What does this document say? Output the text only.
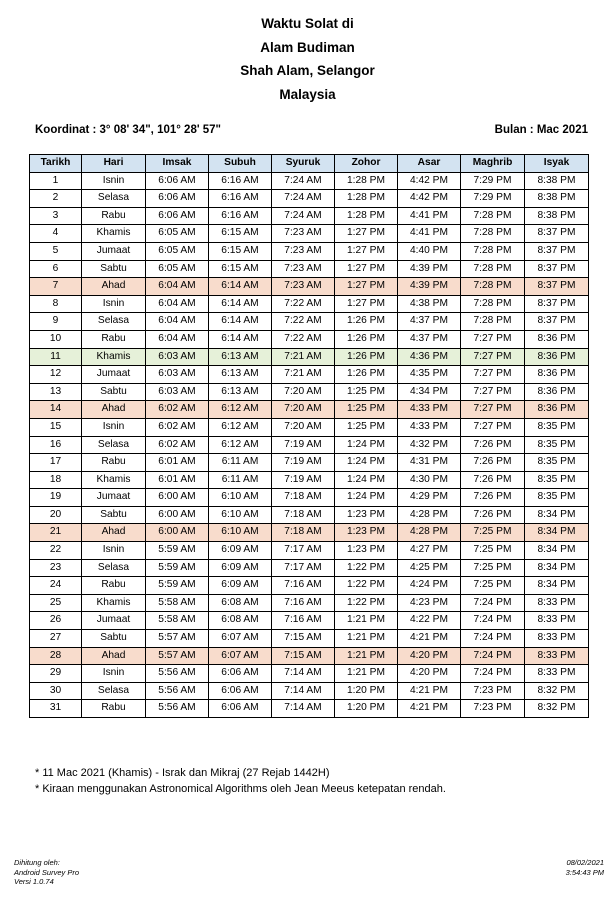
Waktu Solat di
Alam Budiman
Shah Alam, Selangor
Malaysia
Koordinat : 3° 08' 34", 101° 28' 57"	Bulan : Mac 2021
Tarikh	Hari	Imsak	Subuh	Syuruk	Zohor	Asar	Maghrib	Isyak
1	Isnin	6:06 AM	6:16 AM	7:24 AM	1:28 PM	4:42 PM	7:29 PM	8:38 PM
2	Selasa	6:06 AM	6:16 AM	7:24 AM	1:28 PM	4:42 PM	7:29 PM	8:38 PM
3	Rabu	6:06 AM	6:16 AM	7:24 AM	1:28 PM	4:41 PM	7:28 PM	8:38 PM
4	Khamis	6:05 AM	6:15 AM	7:23 AM	1:27 PM	4:41 PM	7:28 PM	8:37 PM
5	Jumaat	6:05 AM	6:15 AM	7:23 AM	1:27 PM	4:40 PM	7:28 PM	8:37 PM
6	Sabtu	6:05 AM	6:15 AM	7:23 AM	1:27 PM	4:39 PM	7:28 PM	8:37 PM
7	Ahad	6:04 AM	6:14 AM	7:23 AM	1:27 PM	4:39 PM	7:28 PM	8:37 PM
8	Isnin	6:04 AM	6:14 AM	7:22 AM	1:27 PM	4:38 PM	7:28 PM	8:37 PM
9	Selasa	6:04 AM	6:14 AM	7:22 AM	1:26 PM	4:37 PM	7:28 PM	8:37 PM
10	Rabu	6:04 AM	6:14 AM	7:22 AM	1:26 PM	4:37 PM	7:27 PM	8:36 PM
11	Khamis	6:03 AM	6:13 AM	7:21 AM	1:26 PM	4:36 PM	7:27 PM	8:36 PM
12	Jumaat	6:03 AM	6:13 AM	7:21 AM	1:26 PM	4:35 PM	7:27 PM	8:36 PM
13	Sabtu	6:03 AM	6:13 AM	7:20 AM	1:25 PM	4:34 PM	7:27 PM	8:36 PM
14	Ahad	6:02 AM	6:12 AM	7:20 AM	1:25 PM	4:33 PM	7:27 PM	8:36 PM
15	Isnin	6:02 AM	6:12 AM	7:20 AM	1:25 PM	4:33 PM	7:27 PM	8:35 PM
16	Selasa	6:02 AM	6:12 AM	7:19 AM	1:24 PM	4:32 PM	7:26 PM	8:35 PM
17	Rabu	6:01 AM	6:11 AM	7:19 AM	1:24 PM	4:31 PM	7:26 PM	8:35 PM
18	Khamis	6:01 AM	6:11 AM	7:19 AM	1:24 PM	4:30 PM	7:26 PM	8:35 PM
19	Jumaat	6:00 AM	6:10 AM	7:18 AM	1:24 PM	4:29 PM	7:26 PM	8:35 PM
20	Sabtu	6:00 AM	6:10 AM	7:18 AM	1:23 PM	4:28 PM	7:26 PM	8:34 PM
21	Ahad	6:00 AM	6:10 AM	7:18 AM	1:23 PM	4:28 PM	7:25 PM	8:34 PM
22	Isnin	5:59 AM	6:09 AM	7:17 AM	1:23 PM	4:27 PM	7:25 PM	8:34 PM
23	Selasa	5:59 AM	6:09 AM	7:17 AM	1:22 PM	4:25 PM	7:25 PM	8:34 PM
24	Rabu	5:59 AM	6:09 AM	7:16 AM	1:22 PM	4:24 PM	7:25 PM	8:34 PM
25	Khamis	5:58 AM	6:08 AM	7:16 AM	1:22 PM	4:23 PM	7:24 PM	8:33 PM
26	Jumaat	5:58 AM	6:08 AM	7:16 AM	1:21 PM	4:22 PM	7:24 PM	8:33 PM
27	Sabtu	5:57 AM	6:07 AM	7:15 AM	1:21 PM	4:21 PM	7:24 PM	8:33 PM
28	Ahad	5:57 AM	6:07 AM	7:15 AM	1:21 PM	4:20 PM	7:24 PM	8:33 PM
29	Isnin	5:56 AM	6:06 AM	7:14 AM	1:21 PM	4:20 PM	7:24 PM	8:33 PM
30	Selasa	5:56 AM	6:06 AM	7:14 AM	1:20 PM	4:21 PM	7:23 PM	8:32 PM
31	Rabu	5:56 AM	6:06 AM	7:14 AM	1:20 PM	4:21 PM	7:23 PM	8:32 PM
* 11 Mac 2021 (Khamis) - Israk dan Mikraj (27 Rejab 1442H)
* Kiraan menggunakan Astronomical Algorithms oleh Jean Meeus ketepatan rendah.
Dihitung oleh:
Android Survey Pro
Versi 1.0.74
08/02/2021
3:54:43 PM
